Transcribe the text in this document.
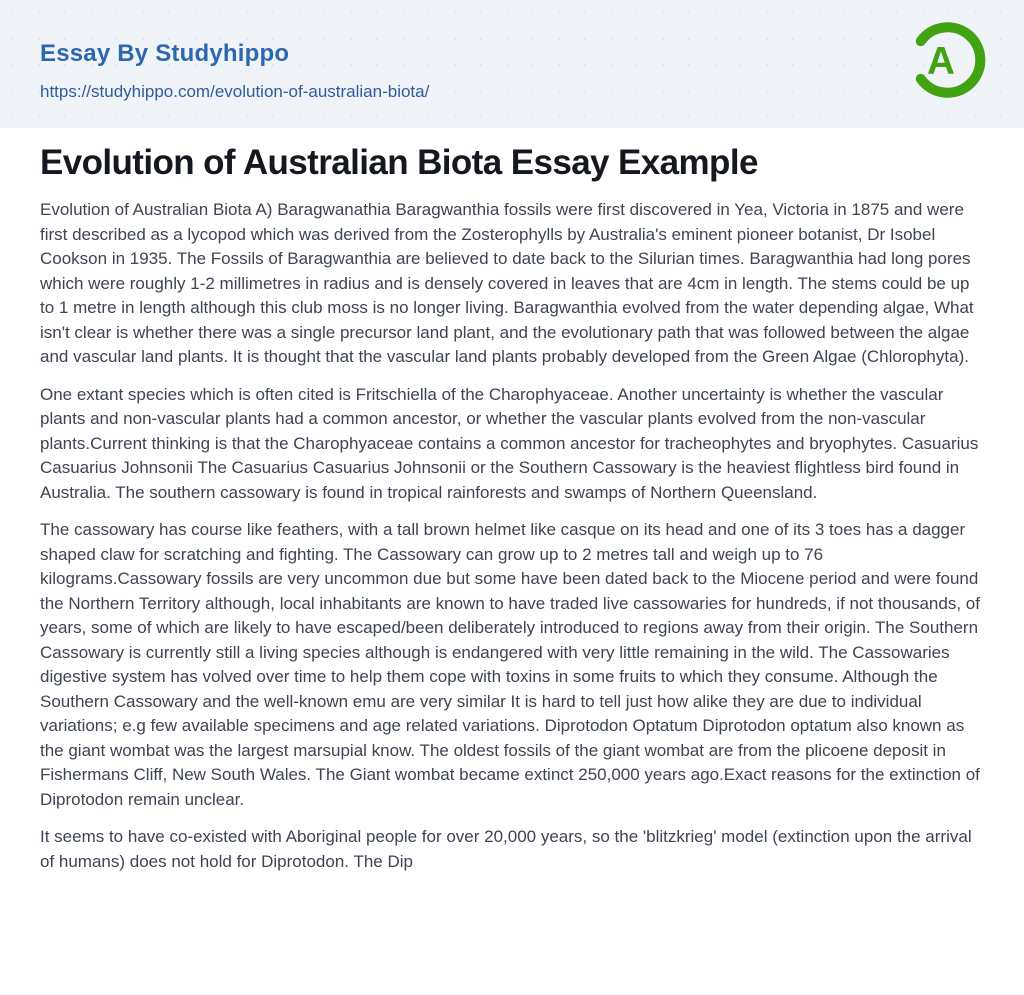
Essay By Studyhippo
https://studyhippo.com/evolution-of-australian-biota/
A
Evolution of Australian Biota Essay Example

Evolution of Australian Biota A) Baragwanathia Baragwanthia fossils were first discovered in Yea, Victoria in 1875 and were first described as a lycopod which was derived from the Zosterophylls by Australia's eminent pioneer botanist, Dr Isobel Cookson in 1935. The Fossils of Baragwanthia are believed to date back to the Silurian times. Baragwanthia had long pores which were roughly 1-2 millimetres in radius and is densely covered in leaves that are 4cm in length. The stems could be up to 1 metre in length although this club moss is no longer living. Baragwanthia evolved from the water depending algae, What isn't clear is whether there was a single precursor land plant, and the evolutionary path that was followed between the algae and vascular land plants. It is thought that the vascular land plants probably developed from the Green Algae (Chlorophyta).

One extant species which is often cited is Fritschiella of the Charophyaceae. Another uncertainty is whether the vascular plants and non-vascular plants had a common ancestor, or whether the vascular plants evolved from the non-vascular plants.Current thinking is that the Charophyaceae contains a common ancestor for tracheophytes and bryophytes. Casuarius Casuarius Johnsonii The Casuarius Casuarius Johnsonii or the Southern Cassowary is the heaviest flightless bird found in Australia. The southern cassowary is found in tropical rainforests and swamps of Northern Queensland.

The cassowary has course like feathers, with a tall brown helmet like casque on its head and one of its 3 toes has a dagger shaped claw for scratching and fighting. The Cassowary can grow up to 2 metres tall and weigh up to 76 kilograms.Cassowary fossils are very uncommon due but some have been dated back to the Miocene period and were found the Northern Territory although, local inhabitants are known to have traded live cassowaries for hundreds, if not thousands, of years, some of which are likely to have escaped/been deliberately introduced to regions away from their origin. The Southern Cassowary is currently still a living species although is endangered with very little remaining in the wild. The Cassowaries digestive system has volved over time to help them cope with toxins in some fruits to which they consume. Although the Southern Cassowary and the well-known emu are very similar It is hard to tell just how alike they are due to individual variations; e.g few available specimens and age related variations. Diprotodon Optatum Diprotodon optatum also known as the giant wombat was the largest marsupial know. The oldest fossils of the giant wombat are from the plicoene deposit in Fishermans Cliff, New South Wales. The Giant wombat became extinct 250,000 years ago.Exact reasons for the extinction of Diprotodon remain unclear.

It seems to have co-existed with Aboriginal people for over 20,000 years, so the 'blitzkrieg' model (extinction upon the arrival of humans) does not hold for Diprotodon. The Dip
